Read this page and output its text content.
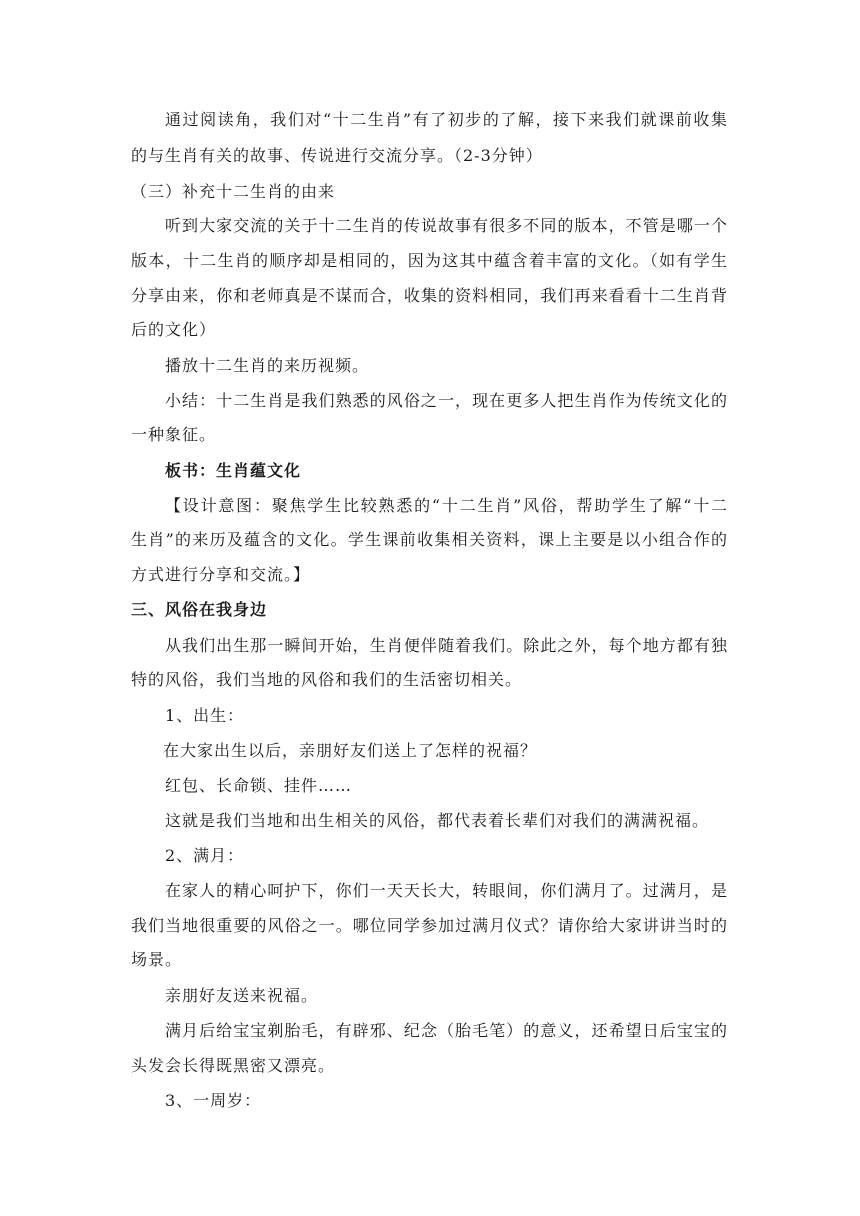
通过阅读角，我们对“十二生肖”有了初步的了解，接下来我们就课前收集
的与生肖有关的故事、传说进行交流分享。（2-3分钟）
（三）补充十二生肖的由来
听到大家交流的关于十二生肖的传说故事有很多不同的版本，不管是哪一个
版本，十二生肖的顺序却是相同的，因为这其中蕴含着丰富的文化。（如有学生
分享由来，你和老师真是不谋而合，收集的资料相同，我们再来看看十二生肖背
后的文化）
播放十二生肖的来历视频。
小结：十二生肖是我们熟悉的风俗之一，现在更多人把生肖作为传统文化的
一种象征。
板书：生肖蕴文化
【设计意图：聚焦学生比较熟悉的“十二生肖”风俗，帮助学生了解“十二
生肖”的来历及蕴含的文化。学生课前收集相关资料，课上主要是以小组合作的
方式进行分享和交流。】
三、风俗在我身边
从我们出生那一瞬间开始，生肖便伴随着我们。除此之外，每个地方都有独
特的风俗，我们当地的风俗和我们的生活密切相关。
1、出生：
在大家出生以后，亲朋好友们送上了怎样的祝福？
红包、长命锁、挂件……
这就是我们当地和出生相关的风俗，都代表着长辈们对我们的满满祝福。
2、满月：
在家人的精心呵护下，你们一天天长大，转眼间，你们满月了。过满月，是
我们当地很重要的风俗之一。哪位同学参加过满月仪式？请你给大家讲讲当时的
场景。
亲朋好友送来祝福。
满月后给宝宝剃胎毛，有辟邪、纪念（胎毛笔）的意义，还希望日后宝宝的
头发会长得既黑密又漂亮。
3、一周岁：
